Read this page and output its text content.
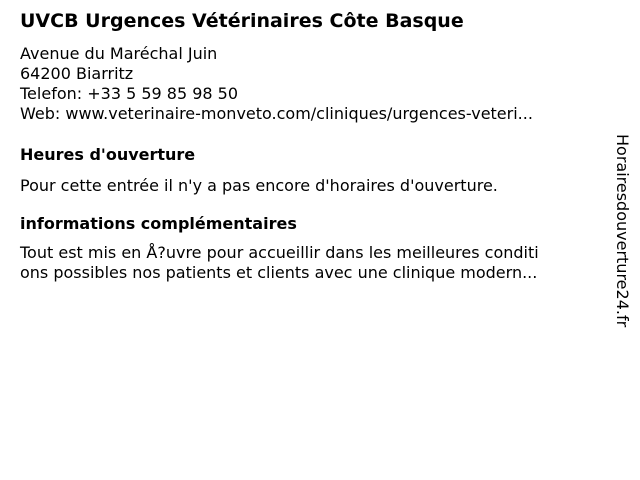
UVCB Urgences Vétérinaires Côte Basque
Avenue du Maréchal Juin
64200 Biarritz
Telefon: +33 5 59 85 98 50
Web: www.veterinaire-monveto.com/cliniques/urgences-veteri...
Heures d'ouverture
Pour cette entrée il n'y a pas encore d'horaires d'ouverture.
informations complémentaires
Tout est mis en Å?uvre pour accueillir dans les meilleures conditi
ons possibles nos patients et clients avec une clinique modern...	Horairesdouverture24.fr
